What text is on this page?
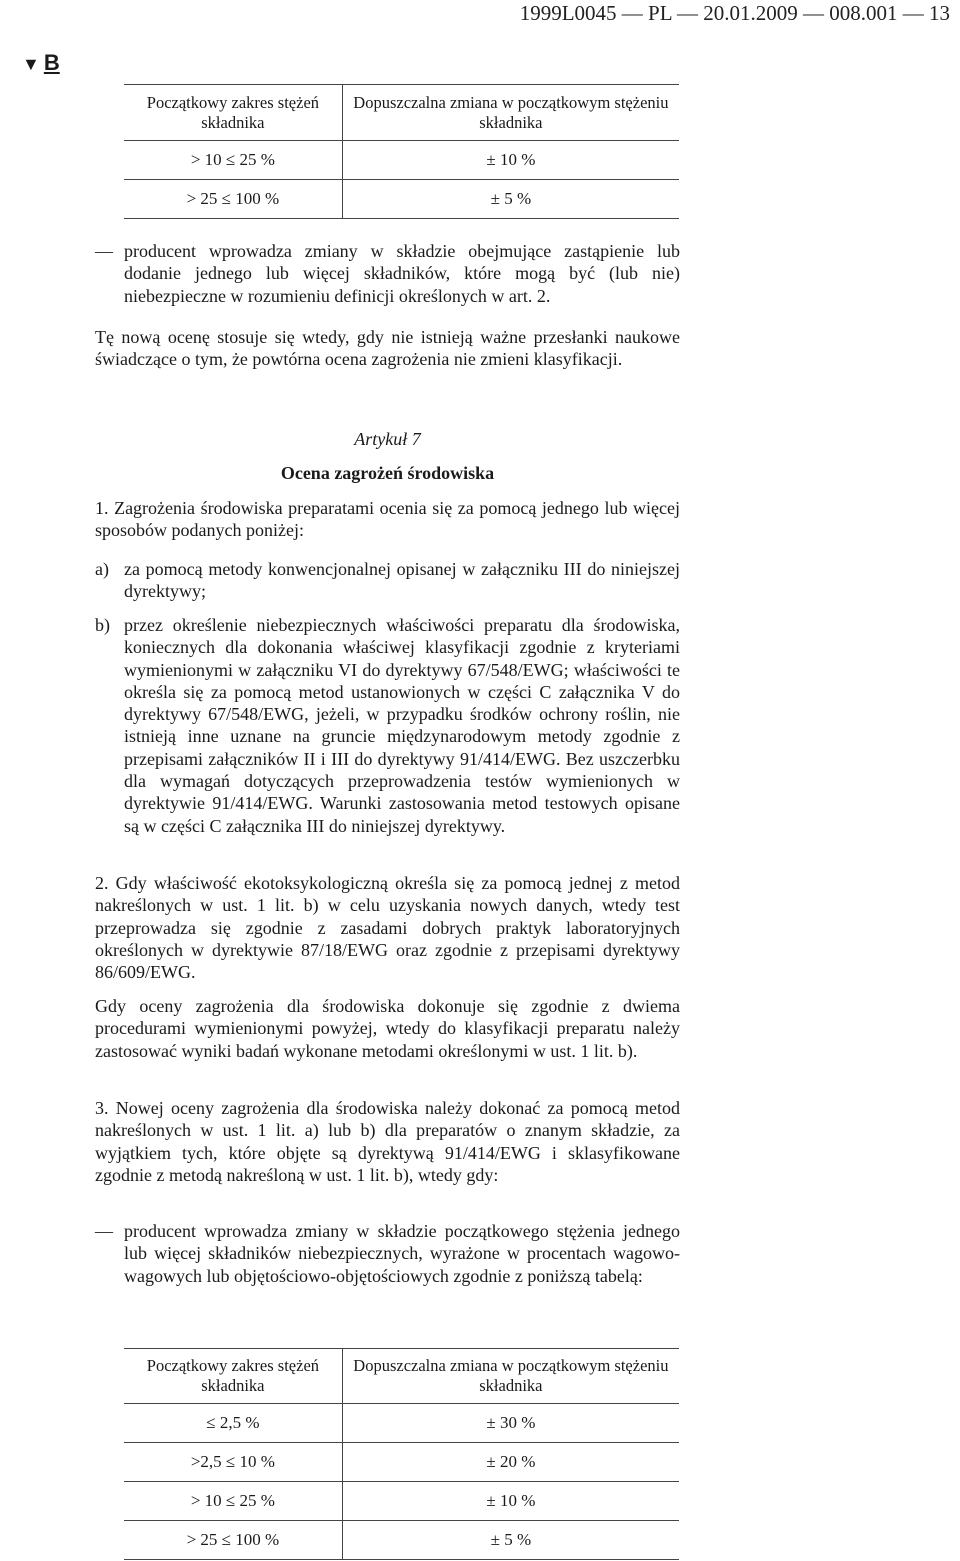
1999L0045 — PL — 20.01.2009 — 008.001 — 13
▼ B
Początkowy zakres stężeń składnika	Dopuszczalna zmiana w początkowym stężeniu składnika
> 10 ≤ 25 %	± 10 %
> 25 ≤ 100 %	± 5 %
— producent wprowadza zmiany w składzie obejmujące zastąpienie lub dodanie jednego lub więcej składników, które mogą być (lub nie) niebezpieczne w rozumieniu definicji określonych w art. 2.
Tę nową ocenę stosuje się wtedy, gdy nie istnieją ważne przesłanki naukowe świadczące o tym, że powtórna ocena zagrożenia nie zmieni klasyfikacji.
Artykuł 7
Ocena zagrożeń środowiska
1. Zagrożenia środowiska preparatami ocenia się za pomocą jednego lub więcej sposobów podanych poniżej:
a) za pomocą metody konwencjonalnej opisanej w załączniku III do niniejszej dyrektywy;
b) przez określenie niebezpiecznych właściwości preparatu dla środowiska, koniecznych dla dokonania właściwej klasyfikacji zgodnie z kryteriami wymienionymi w załączniku VI do dyrektywy 67/548/EWG; właściwości te określa się za pomocą metod ustanowionych w części C załącznika V do dyrektywy 67/548/EWG, jeżeli, w przypadku środków ochrony roślin, nie istnieją inne uznane na gruncie międzynarodowym metody zgodnie z przepisami załączników II i III do dyrektywy 91/414/EWG. Bez uszczerbku dla wymagań dotyczących przeprowadzenia testów wymienionych w dyrektywie 91/414/EWG. Warunki zastosowania metod testowych opisane są w części C załącznika III do niniejszej dyrektywy.
2. Gdy właściwość ekotoksykologiczną określa się za pomocą jednej z metod nakreślonych w ust. 1 lit. b) w celu uzyskania nowych danych, wtedy test przeprowadza się zgodnie z zasadami dobrych praktyk laboratoryjnych określonych w dyrektywie 87/18/EWG oraz zgodnie z przepisami dyrektywy 86/609/EWG.
Gdy oceny zagrożenia dla środowiska dokonuje się zgodnie z dwiema procedurami wymienionymi powyżej, wtedy do klasyfikacji preparatu należy zastosować wyniki badań wykonane metodami określonymi w ust. 1 lit. b).
3. Nowej oceny zagrożenia dla środowiska należy dokonać za pomocą metod nakreślonych w ust. 1 lit. a) lub b) dla preparatów o znanym składzie, za wyjątkiem tych, które objęte są dyrektywą 91/414/EWG i sklasyfikowane zgodnie z metodą nakreśloną w ust. 1 lit. b), wtedy gdy:
— producent wprowadza zmiany w składzie początkowego stężenia jednego lub więcej składników niebezpiecznych, wyrażone w procentach wagowo-wagowych lub objętościowo-objętościowych zgodnie z poniższą tabelą:
Początkowy zakres stężeń składnika	Dopuszczalna zmiana w początkowym stężeniu składnika
≤ 2,5 %	± 30 %
>2,5 ≤ 10 %	± 20 %
> 10 ≤ 25 %	± 10 %
> 25 ≤ 100 %	± 5 %
